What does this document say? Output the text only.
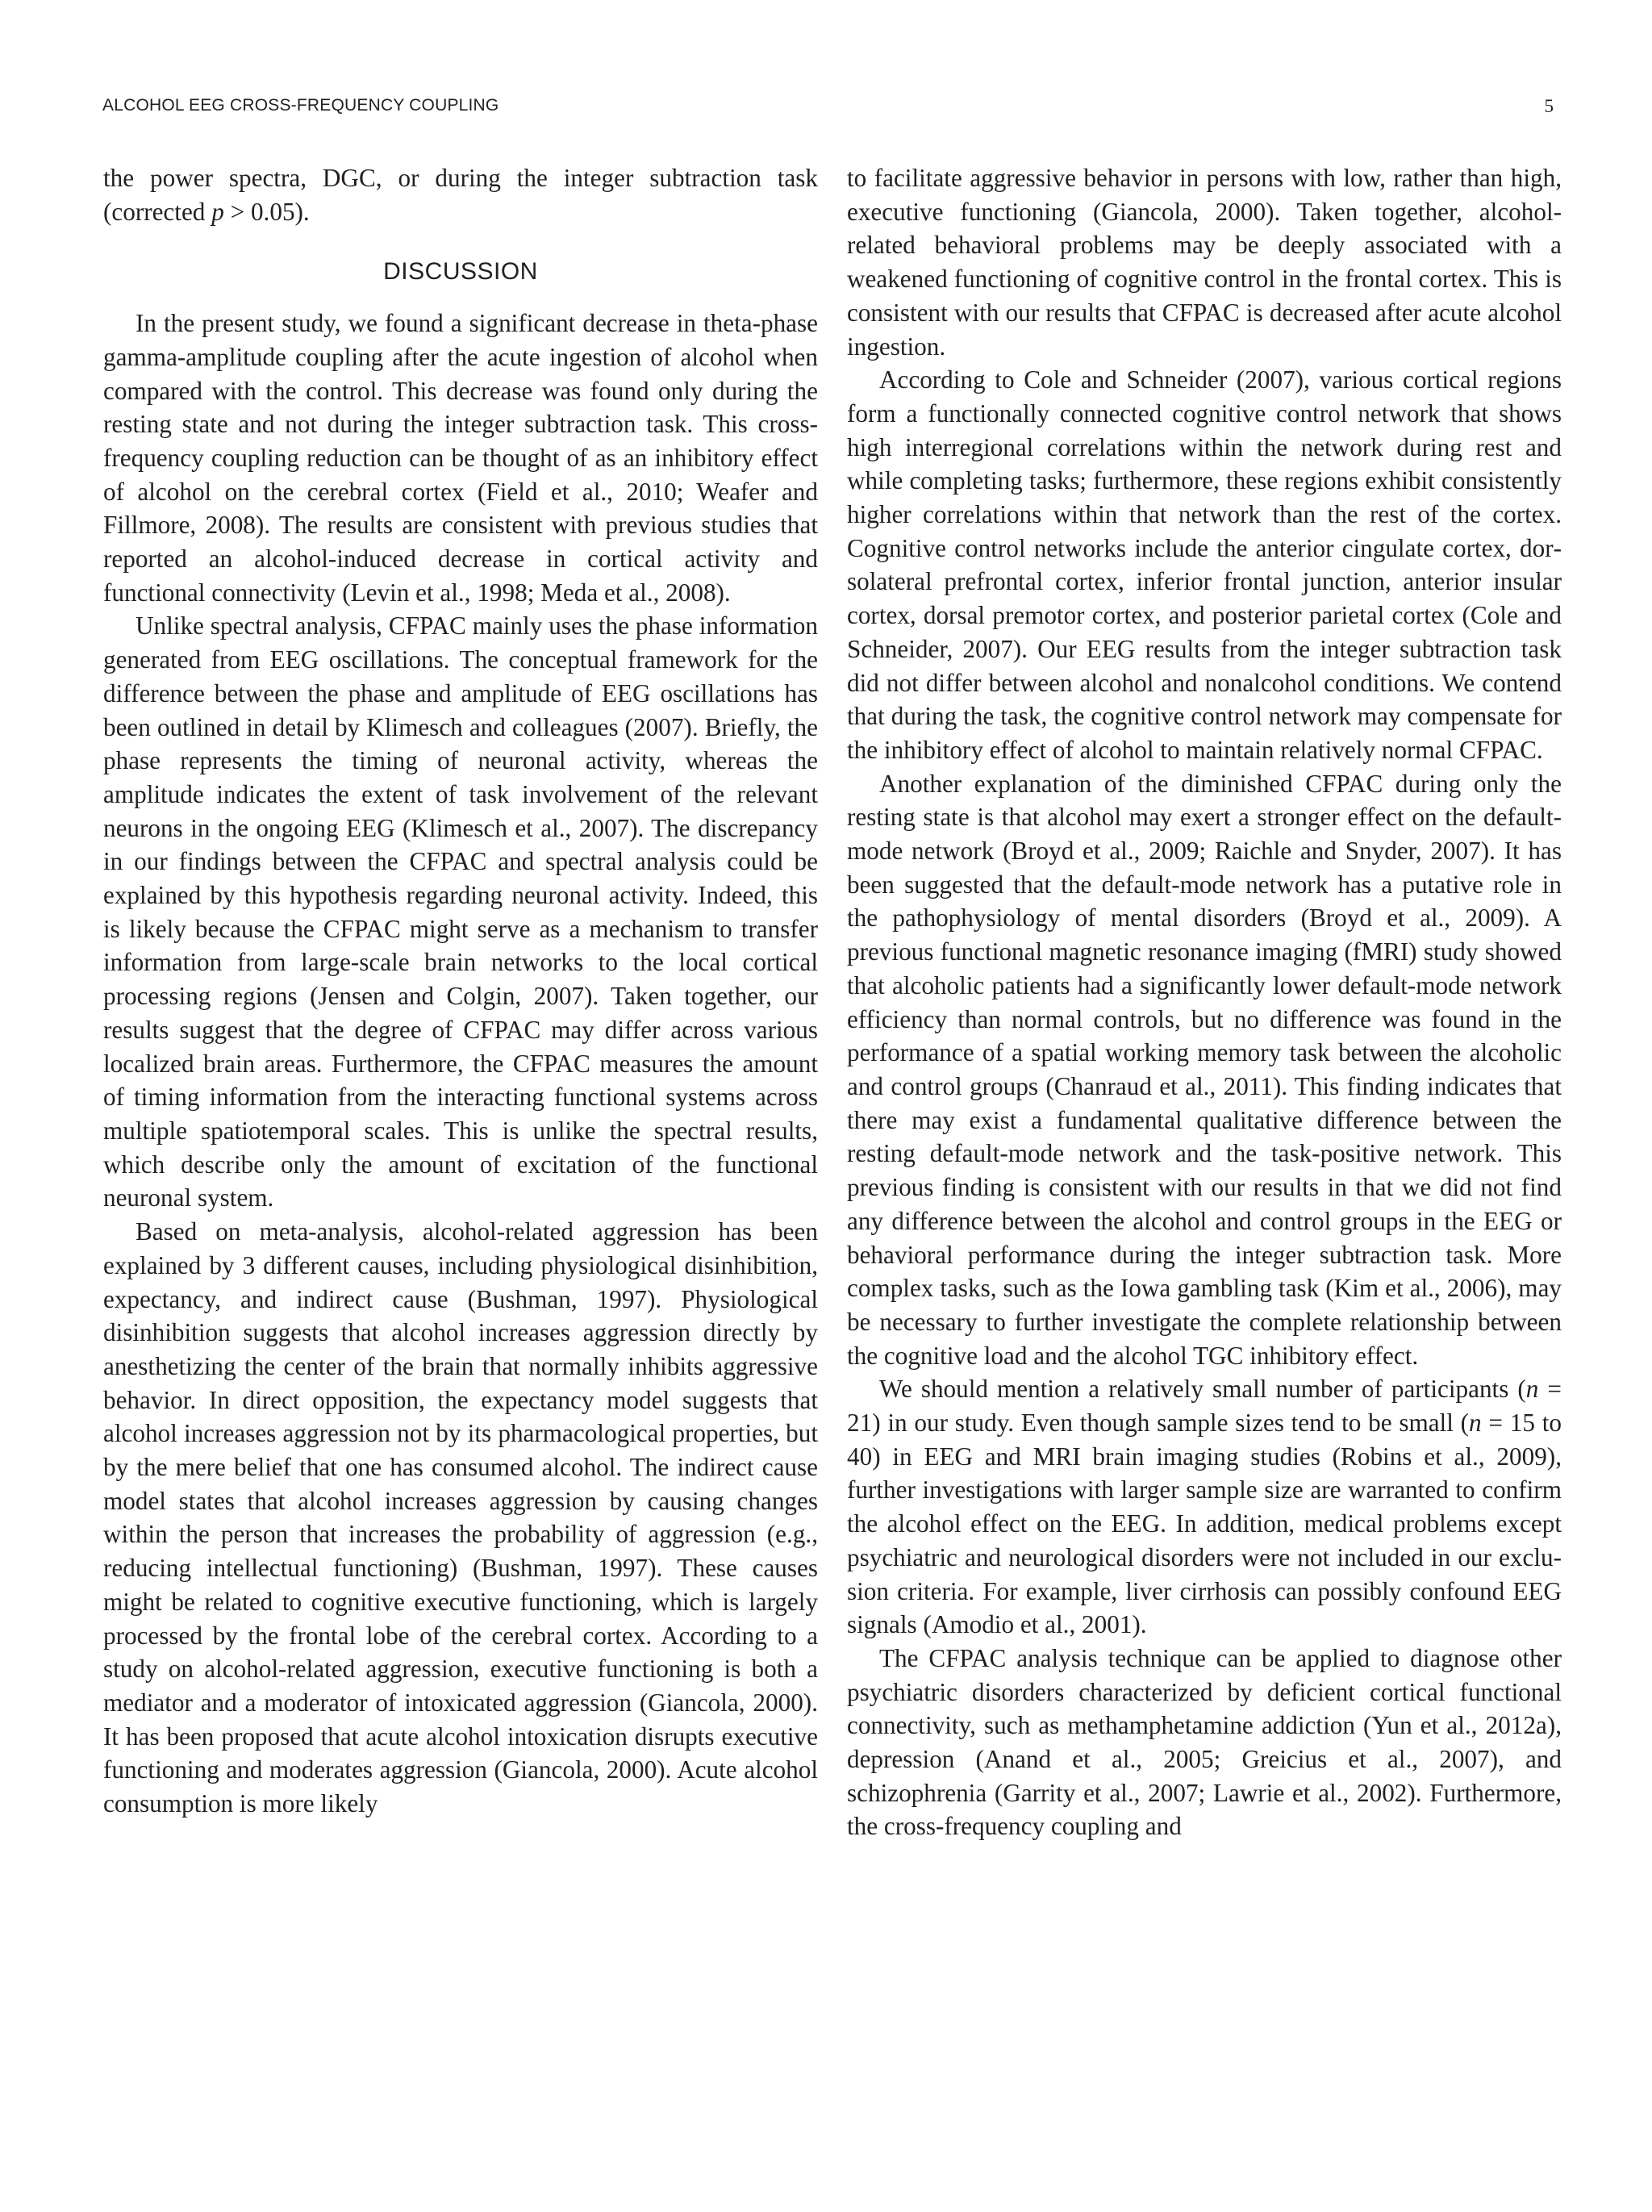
ALCOHOL EEG CROSS-FREQUENCY COUPLING	5

the power spectra, DGC, or during the integer subtraction task (corrected p > 0.05).

DISCUSSION

In the present study, we found a significant decrease in theta-phase gamma-amplitude coupling after the acute ingestion of alcohol when compared with the control. This decrease was found only during the resting state and not during the integer subtraction task. This cross-frequency coupling reduction can be thought of as an inhibitory effect of alcohol on the cerebral cortex (Field et al., 2010; Weafer and Fillmore, 2008). The results are consistent with previous studies that reported an alcohol-induced decrease in cortical activity and functional connectivity (Levin et al., 1998; Meda et al., 2008).

Unlike spectral analysis, CFPAC mainly uses the phase information generated from EEG oscillations. The conceptual framework for the difference between the phase and amplitude of EEG oscillations has been outlined in detail by Klimesch and colleagues (2007). Briefly, the phase represents the timing of neuronal activity, whereas the amplitude indicates the extent of task involvement of the relevant neurons in the ongoing EEG (Klimesch et al., 2007). The discrepancy in our findings between the CFPAC and spectral analysis could be explained by this hypothesis regarding neuronal activity. Indeed, this is likely because the CFPAC might serve as a mechanism to transfer information from large-scale brain networks to the local cortical processing regions (Jensen and Colgin, 2007). Taken together, our results suggest that the degree of CFPAC may differ across various localized brain areas. Furthermore, the CFPAC measures the amount of timing information from the interacting functional systems across multiple spatiotemporal scales. This is unlike the spectral results, which describe only the amount of excitation of the functional neuronal system.

Based on meta-analysis, alcohol-related aggression has been explained by 3 different causes, including physiological disinhibition, expectancy, and indirect cause (Bushman, 1997). Physiological disinhibition suggests that alcohol increases aggression directly by anesthetizing the center of the brain that normally inhibits aggressive behavior. In direct opposition, the expectancy model suggests that alcohol increases aggression not by its pharmacological properties, but by the mere belief that one has consumed alcohol. The indirect cause model states that alcohol increases aggression by causing changes within the person that increases the probability of aggression (e.g., reducing intellectual functioning) (Bushman, 1997). These causes might be related to cognitive executive functioning, which is largely processed by the frontal lobe of the cerebral cortex. According to a study on alcohol-related aggression, executive functioning is both a mediator and a moderator of intoxicated aggression (Giancola, 2000). It has been proposed that acute alcohol intoxication disrupts executive functioning and moderates aggression (Giancola, 2000). Acute alcohol consumption is more likely

to facilitate aggressive behavior in persons with low, rather than high, executive functioning (Giancola, 2000). Taken together, alcohol-related behavioral problems may be deeply associated with a weakened functioning of cognitive control in the frontal cortex. This is consistent with our results that CFPAC is decreased after acute alcohol ingestion.

According to Cole and Schneider (2007), various cortical regions form a functionally connected cognitive control network that shows high interregional correlations within the network during rest and while completing tasks; furthermore, these regions exhibit consistently higher correlations within that network than the rest of the cortex. Cognitive control networks include the anterior cingulate cortex, dorsolateral prefrontal cortex, inferior frontal junction, anterior insular cortex, dorsal premotor cortex, and posterior parietal cortex (Cole and Schneider, 2007). Our EEG results from the integer subtraction task did not differ between alcohol and nonalcohol conditions. We contend that during the task, the cognitive control network may compensate for the inhibitory effect of alcohol to maintain relatively normal CFPAC.

Another explanation of the diminished CFPAC during only the resting state is that alcohol may exert a stronger effect on the default-mode network (Broyd et al., 2009; Raichle and Snyder, 2007). It has been suggested that the default-mode network has a putative role in the pathophysiology of mental disorders (Broyd et al., 2009). A previous functional magnetic resonance imaging (fMRI) study showed that alcoholic patients had a significantly lower default-mode network efficiency than normal controls, but no difference was found in the performance of a spatial working memory task between the alcoholic and control groups (Chanraud et al., 2011). This finding indicates that there may exist a fundamental qualitative difference between the resting default-mode network and the task-positive network. This previous finding is consistent with our results in that we did not find any difference between the alcohol and control groups in the EEG or behavioral performance during the integer subtraction task. More complex tasks, such as the Iowa gambling task (Kim et al., 2006), may be necessary to further investigate the complete relationship between the cognitive load and the alcohol TGC inhibitory effect.

We should mention a relatively small number of participants (n = 21) in our study. Even though sample sizes tend to be small (n = 15 to 40) in EEG and MRI brain imaging studies (Robins et al., 2009), further investigations with larger sample size are warranted to confirm the alcohol effect on the EEG. In addition, medical problems except psychiatric and neurological disorders were not included in our exclusion criteria. For example, liver cirrhosis can possibly confound EEG signals (Amodio et al., 2001).

The CFPAC analysis technique can be applied to diagnose other psychiatric disorders characterized by deficient cortical functional connectivity, such as methamphetamine addiction (Yun et al., 2012a), depression (Anand et al., 2005; Greicius et al., 2007), and schizophrenia (Garrity et al., 2007; Lawrie et al., 2002). Furthermore, the cross-frequency coupling and
